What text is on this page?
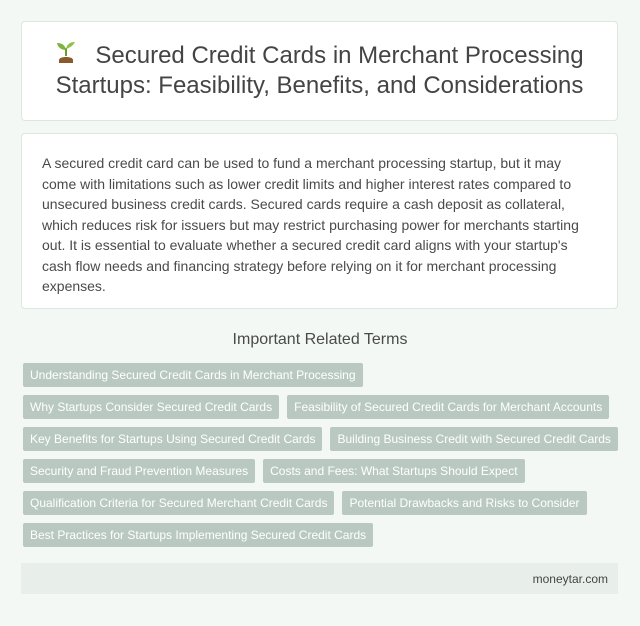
Secured Credit Cards in Merchant Processing Startups: Feasibility, Benefits, and Considerations

A secured credit card can be used to fund a merchant processing startup, but it may come with limitations such as lower credit limits and higher interest rates compared to unsecured business credit cards. Secured cards require a cash deposit as collateral, which reduces risk for issuers but may restrict purchasing power for merchants starting out. It is essential to evaluate whether a secured credit card aligns with your startup's cash flow needs and financing strategy before relying on it for merchant processing expenses.

Important Related Terms
Understanding Secured Credit Cards in Merchant Processing
Why Startups Consider Secured Credit Cards	Feasibility of Secured Credit Cards for Merchant Accounts
Key Benefits for Startups Using Secured Credit Cards	Building Business Credit with Secured Credit Cards
Security and Fraud Prevention Measures	Costs and Fees: What Startups Should Expect
Qualification Criteria for Secured Merchant Credit Cards	Potential Drawbacks and Risks to Consider
Best Practices for Startups Implementing Secured Credit Cards
moneytar.com
